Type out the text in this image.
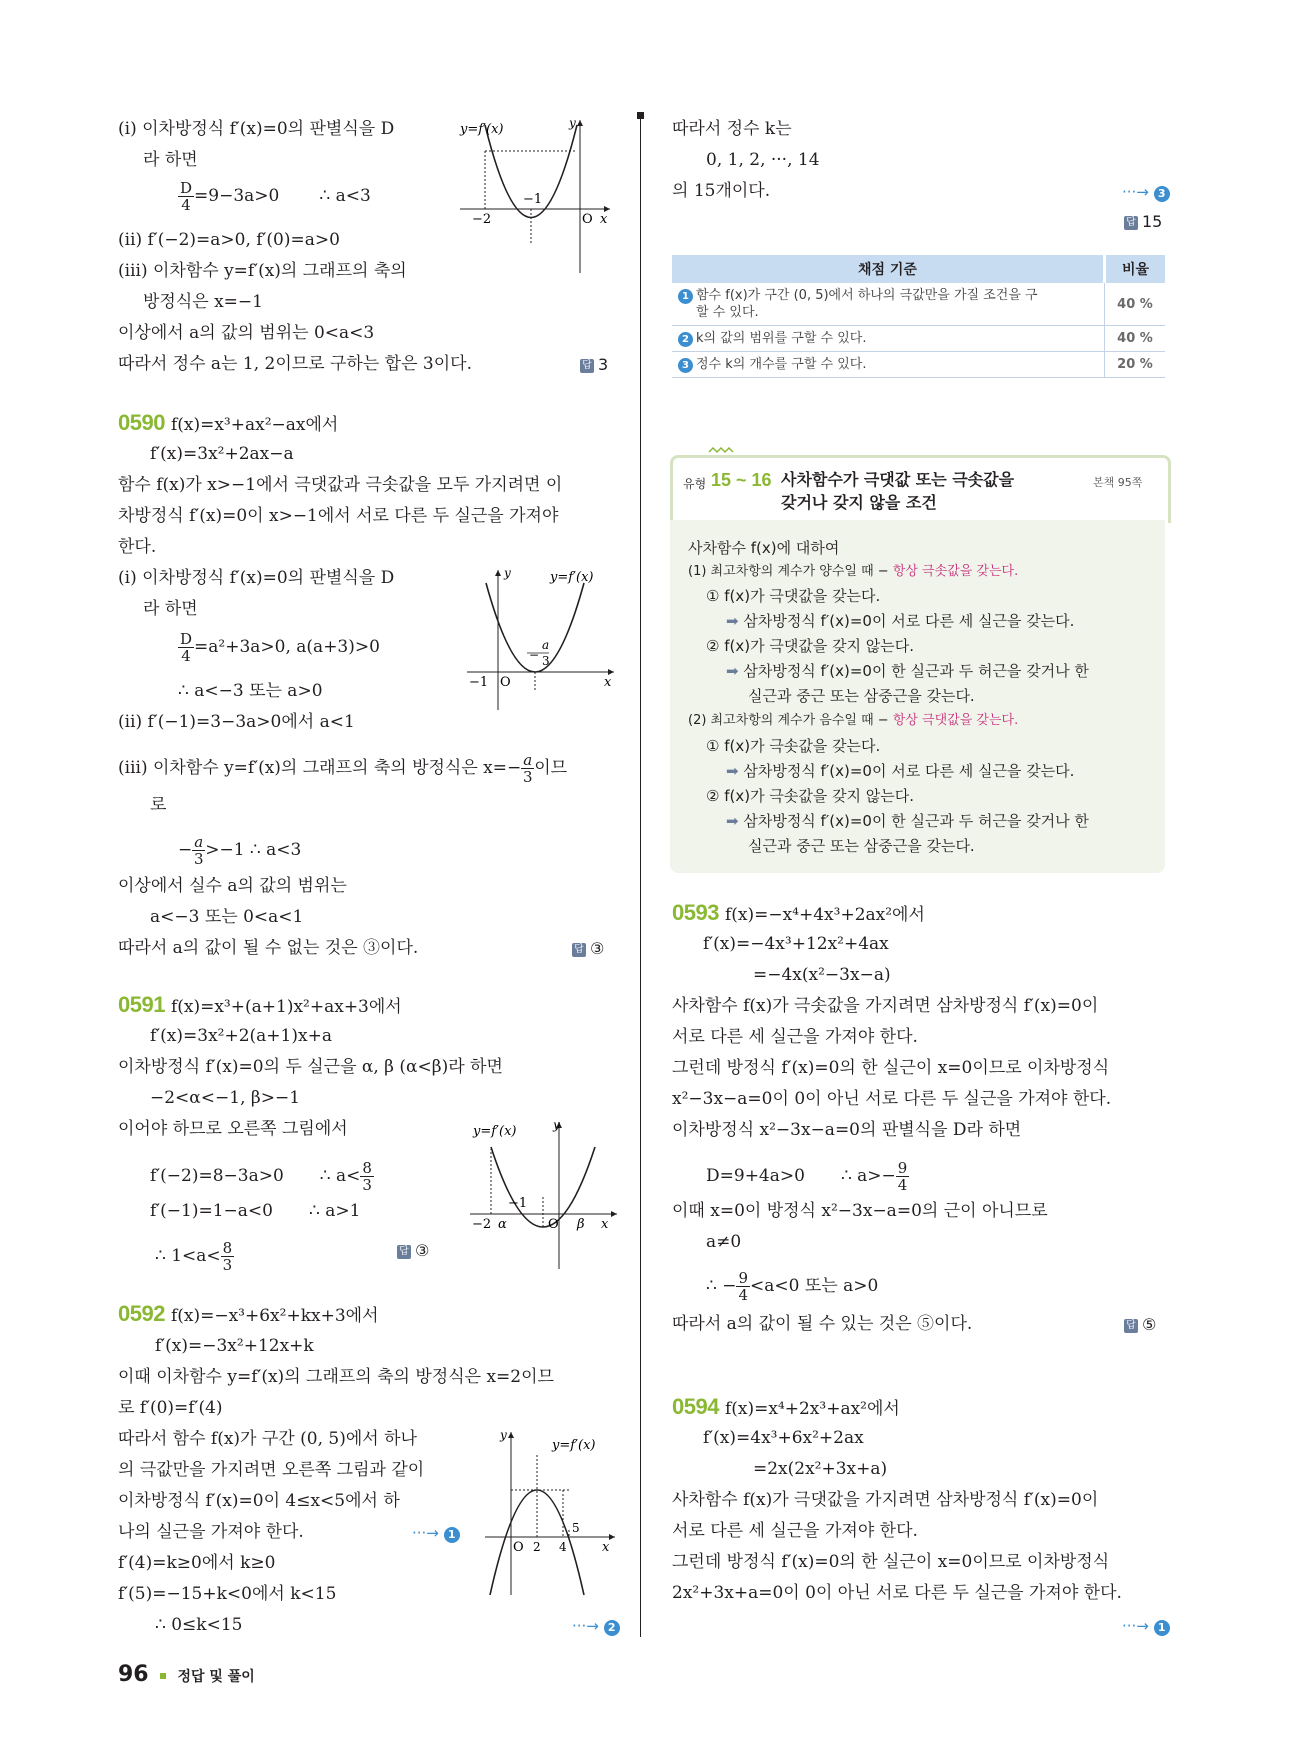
(ⅰ) 이차방정식 f′(x)=0의 판별식을 D
라 하면
$\frac{D}{4} =9-3a>0$ ∴ a<3
(ⅱ) f′(−2)=a>0, f′(0)=a>0
(ⅲ) 이차함수 y=f′(x)의 그래프의 축의
방정식은 x=−1
이상에서 a의 값의 범위는 0<a<3
따라서 정수 a는 1, 2이므로 구하는 합은 3이다.	답 3
y=f′(x)	y
−1
−2	O x
0590 f(x)=x³+ax²−ax에서
f′(x)=3x²+2ax−a
함수 f(x)가 x>−1에서 극댓값과 극솟값을 모두 가지려면 이
차방정식 f′(x)=0이 x>−1에서 서로 다른 두 실근을 가져야
한다.
(ⅰ) 이차방정식 f′(x)=0의 판별식을 D
라 하면
$\frac{D}{4} =a^2+3a>0$, a(a+3)>0
∴ a<−3 또는 a>0
(ⅱ) f′(−1)=3−3a>0에서 a<1
(ⅲ) 이차함수 y=f′(x)의 그래프의 축의 방정식은 $x=- \frac{a}{3}$ 이므
로
− $\frac{a}{3} >-1$ ∴ a<3
이상에서 실수 a의 값의 범위는
a<−3 또는 0<a<1
따라서 a의 값이 될 수 없는 것은 ③이다.	답 ③
y=f′(x)
y
a
3
−
−1 O	x
0591 f(x)=x³+(a+1)x²+ax+3에서
f′(x)=3x²+2(a+1)x+a
이차방정식 f′(x)=0의 두 실근을 α, β (α<β)라 하면
−2<α<−1, β>−1
이어야 하므로 오른쪽 그림에서
f′(−2)=8−3a>0 ∴ $a< \frac{8}{3}$
f′(−1)=1−a<0 ∴ a>1
∴ $1<a< \frac{8}{3}$	답 ③
y=f′(x)	y
−1
−2 α	O β x
0592 f(x)=−x³+6x²+kx+3에서
f′(x)=−3x²+12x+k
이때 이차함수 y=f′(x)의 그래프의 축의 방정식은 x=2이므
로 f′(0)=f′(4)
따라서 함수 f(x)가 구간 (0, 5)에서 하나
의 극값만을 가지려면 오른쪽 그림과 같이
이차방정식 f′(x)=0이 4≤x<5에서 하
나의 실근을 가져야 한다.	···→ 1
f′(4)=k≥0에서 k≥0
f′(5)=−15+k<0에서 k<15
∴ 0≤k<15	···→ 2
y=f′(x)
y
O 2 4
5
x
따라서 정수 k는
0, 1, 2, ···, 14
의 15개이다.	···→ 3
답 15
채점 기준	비율
1 함수 f(x)가 구간 (0, 5)에서 하나의 극값만을 가질 조건을 구
할 수 있다.	40 %
2 k의 값의 범위를 구할 수 있다.	40 %
3 정수 k의 개수를 구할 수 있다.	20 %
유형 15 ~ 16 사차함수가 극댓값 또는 극솟값을
갖거나 갖지 않을 조건
본책 95쪽
사차함수 f(x)에 대하여
(1) 최고차항의 계수가 양수일 때 − 항상 극솟값을 갖는다.
① f(x)가 극댓값을 갖는다.
➡ 삼차방정식 f′(x)=0이 서로 다른 세 실근을 갖는다.
② f(x)가 극댓값을 갖지 않는다.
➡ 삼차방정식 f′(x)=0이 한 실근과 두 허근을 갖거나 한
실근과 중근 또는 삼중근을 갖는다.
(2) 최고차항의 계수가 음수일 때 − 항상 극댓값을 갖는다.
① f(x)가 극솟값을 갖는다.
➡ 삼차방정식 f′(x)=0이 서로 다른 세 실근을 갖는다.
② f(x)가 극솟값을 갖지 않는다.
➡ 삼차방정식 f′(x)=0이 한 실근과 두 허근을 갖거나 한
실근과 중근 또는 삼중근을 갖는다.
0593 f(x)=−x⁴+4x³+2ax²에서
f′(x)=−4x³+12x²+4ax
=−4x(x²−3x−a)
사차함수 f(x)가 극솟값을 가지려면 삼차방정식 f′(x)=0이
서로 다른 세 실근을 가져야 한다.
그런데 방정식 f′(x)=0의 한 실근이 x=0이므로 이차방정식
x²−3x−a=0이 0이 아닌 서로 다른 두 실근을 가져야 한다.
이차방정식 x²−3x−a=0의 판별식을 D라 하면
D=9+4a>0 ∴ $a>- \frac{9}{4}$
이때 x=0이 방정식 x²−3x−a=0의 근이 아니므로
a≠0
∴ − $\frac{9}{4} <a<0$ 또는 a>0
따라서 a의 값이 될 수 있는 것은 ⑤이다.	답 ⑤
0594 f(x)=x⁴+2x³+ax²에서
f′(x)=4x³+6x²+2ax
=2x(2x²+3x+a)
사차함수 f(x)가 극댓값을 가지려면 삼차방정식 f′(x)=0이
서로 다른 세 실근을 가져야 한다.
그런데 방정식 f′(x)=0의 한 실근이 x=0이므로 이차방정식
2x²+3x+a=0이 0이 아닌 서로 다른 두 실근을 가져야 한다.
···→ 1
96 정답 및 풀이
